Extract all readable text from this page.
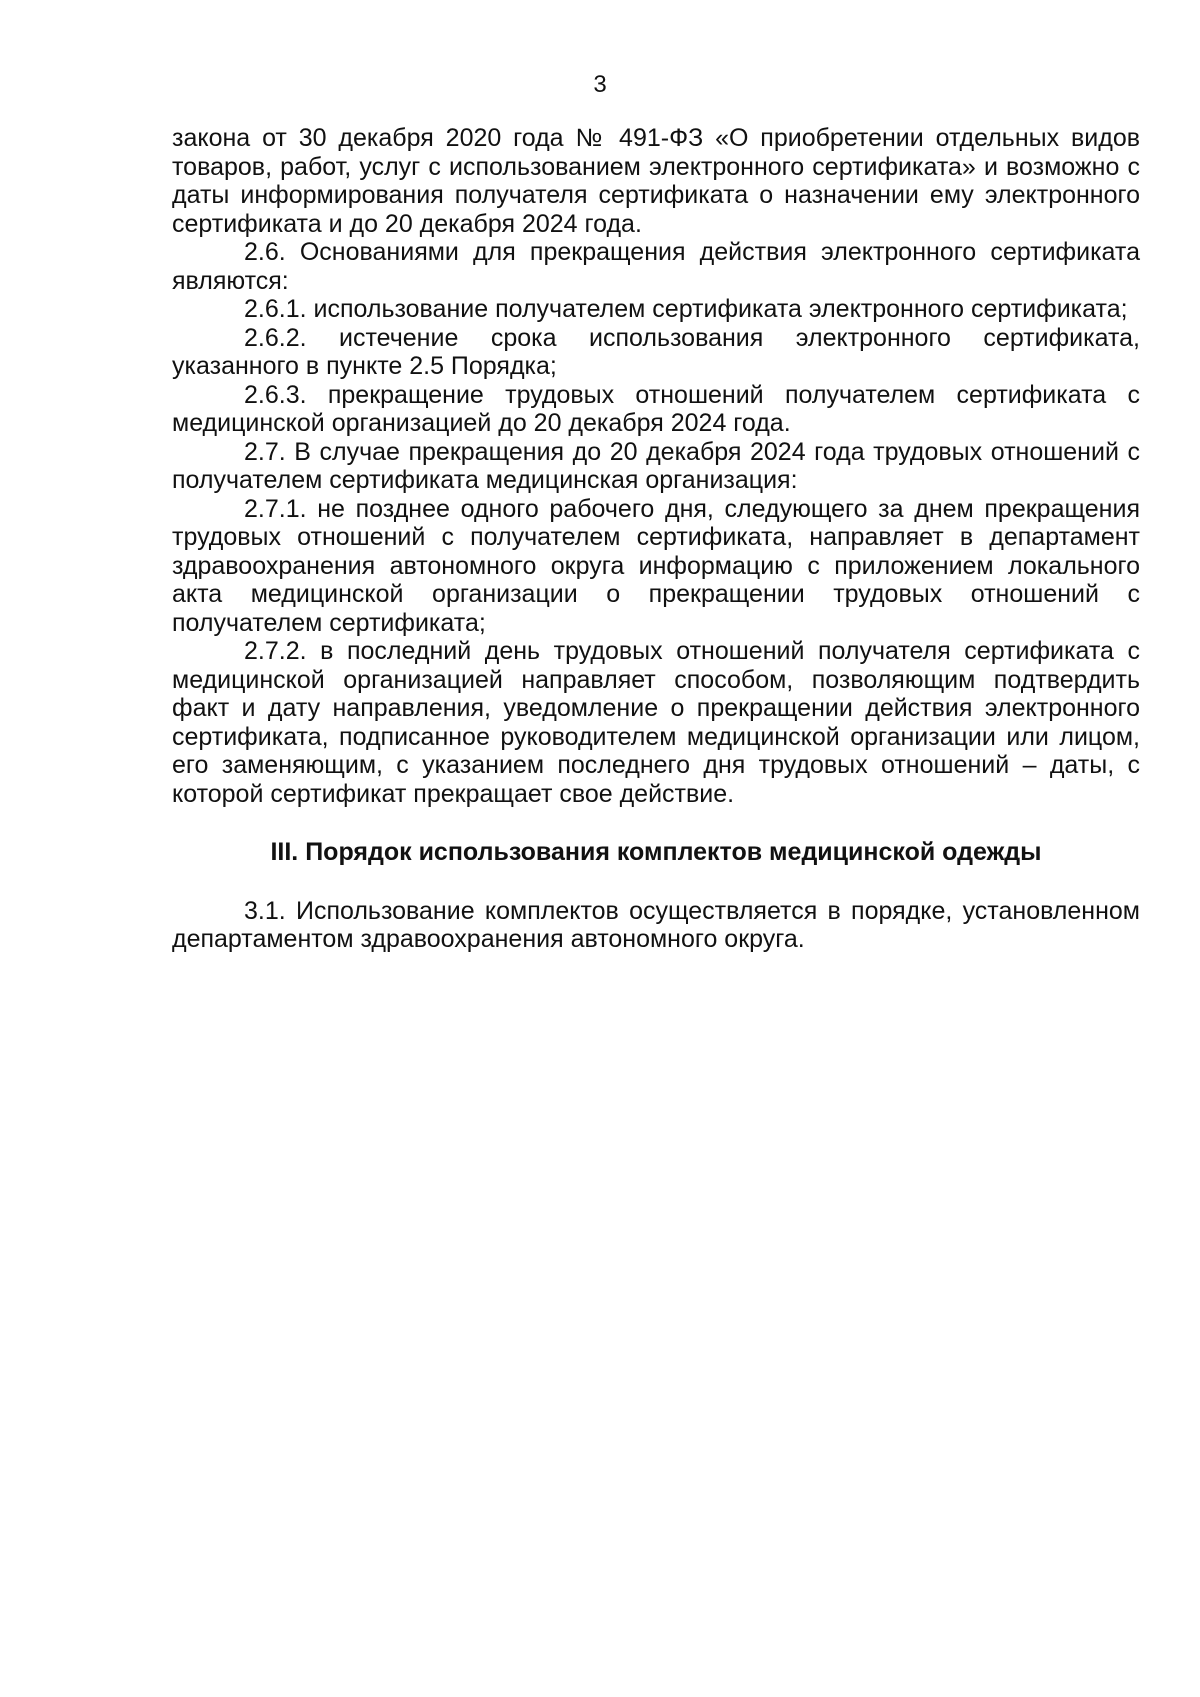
3

закона от 30 декабря 2020 года № 491-ФЗ «О приобретении отдельных видов товаров, работ, услуг с использованием электронного сертификата» и возможно с даты информирования получателя сертификата о назначении ему электронного сертификата и до 20 декабря 2024 года.

2.6. Основаниями для прекращения действия электронного сертификата являются:

2.6.1. использование получателем сертификата электронного сертификата;

2.6.2. истечение срока использования электронного сертификата, указанного в пункте 2.5 Порядка;

2.6.3. прекращение трудовых отношений получателем сертификата с медицинской организацией до 20 декабря 2024 года.

2.7. В случае прекращения до 20 декабря 2024 года трудовых отношений с получателем сертификата медицинская организация:

2.7.1. не позднее одного рабочего дня, следующего за днем прекращения трудовых отношений с получателем сертификата, направляет в департамент здравоохранения автономного округа информацию с приложением локального акта медицинской организации о прекращении трудовых отношений с получателем сертификата;

2.7.2. в последний день трудовых отношений получателя сертификата с медицинской организацией направляет способом, позволяющим подтвердить факт и дату направления, уведомление о прекращении действия электронного сертификата, подписанное руководителем медицинской организации или лицом, его заменяющим, с указанием последнего дня трудовых отношений – даты, с которой сертификат прекращает свое действие.

III. Порядок использования комплектов медицинской одежды

3.1. Использование комплектов осуществляется в порядке, установленном департаментом здравоохранения автономного округа.
